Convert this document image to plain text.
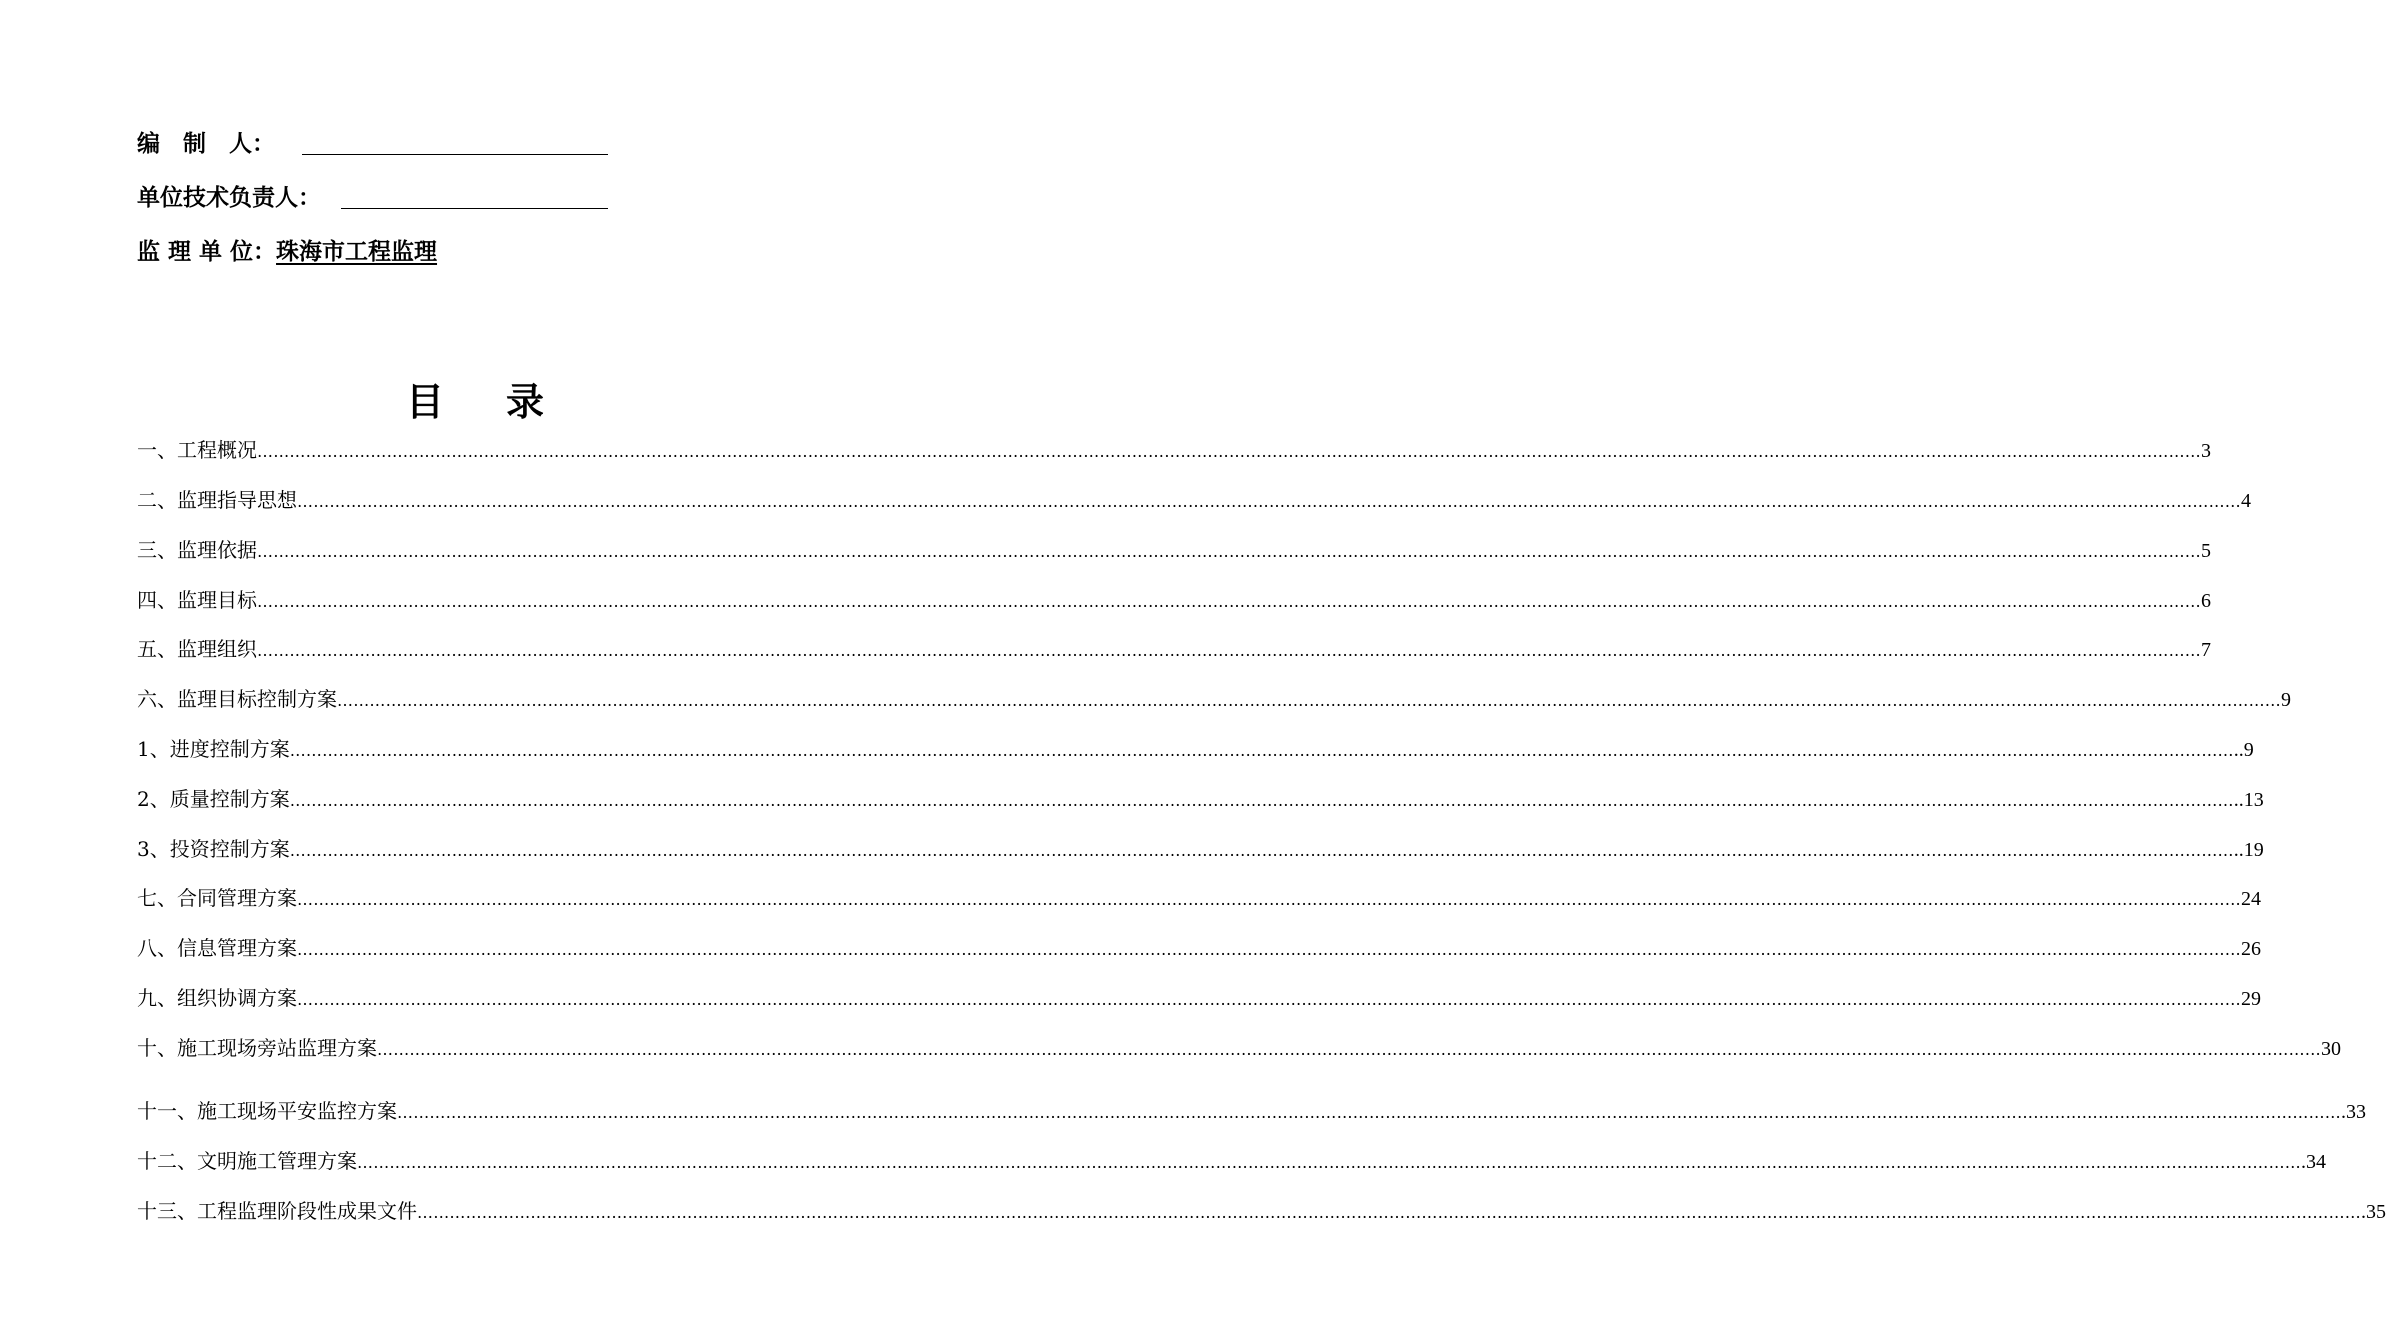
编　制　人：
单位技术负责人：
监 理 单 位：珠海市工程监理
目 录
一、工程概况 ……………………………………………………………………………………………………………………………………………………………………………………………………………………………………………………………………………………………………………………………… 3
二、监理指导思想 ……………………………………………………………………………………………………………………………………………………………………………………………………………………………………………………………………………………………………………………………… 4
三、监理依据 ……………………………………………………………………………………………………………………………………………………………………………………………………………………………………………………………………………………………………………………………… 5
四、监理目标 ……………………………………………………………………………………………………………………………………………………………………………………………………………………………………………………………………………………………………………………………… 6
五、监理组织 ……………………………………………………………………………………………………………………………………………………………………………………………………………………………………………………………………………………………………………………………… 7
六、监理目标控制方案 ……………………………………………………………………………………………………………………………………………………………………………………………………………………………………………………………………………………………………………………………… 9
1、进度控制方案 ……………………………………………………………………………………………………………………………………………………………………………………………………………………………………………………………………………………………………………………………… ..9
2、质量控制方案 ……………………………………………………………………………………………………………………………………………………………………………………………………………………………………………………………………………………………………………………………… ..13
3、投资控制方案 ……………………………………………………………………………………………………………………………………………………………………………………………………………………………………………………………………………………………………………………………… ..19
七、合同管理方案 ……………………………………………………………………………………………………………………………………………………………………………………………………………………………………………………………………………………………………………………………… 24
八、信息管理方案 ……………………………………………………………………………………………………………………………………………………………………………………………………………………………………………………………………………………………………………………………… 26
九、组织协调方案 ……………………………………………………………………………………………………………………………………………………………………………………………………………………………………………………………………………………………………………………………… 29
十、施工现场旁站监理方案 ……………………………………………………………………………………………………………………………………………………………………………………………………………………………………………………………………………………………………………………………… 30
十一、施工现场平安监控方案 ……………………………………………………………………………………………………………………………………………………………………………………………………………………………………………………………………………………………………………………………… .33
十二、文明施工管理方案 ……………………………………………………………………………………………………………………………………………………………………………………………………………………………………………………………………………………………………………………………… .34
十三、工程监理阶段性成果文件 ……………………………………………………………………………………………………………………………………………………………………………………………………………………………………………………………………………………………………………………………… .35
